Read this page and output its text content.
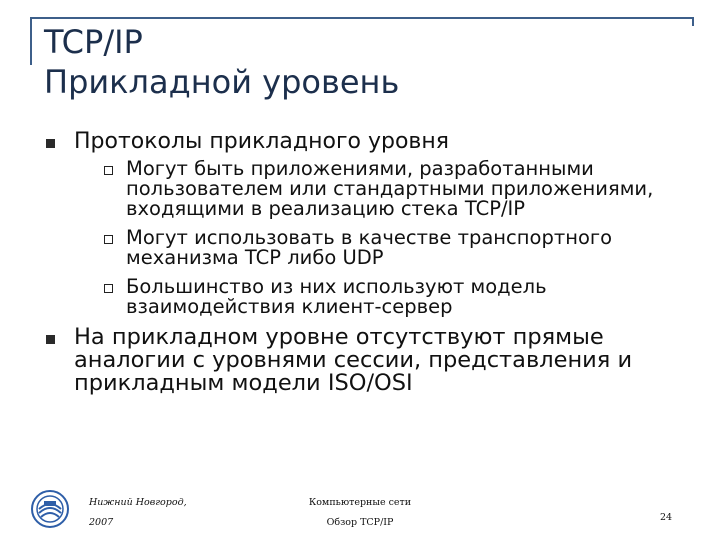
TCP/IP
Прикладной уровень
Протоколы прикладного уровня
Могут быть приложениями, разработанными пользователем или стандартными приложениями, входящими в реализацию стека TCP/IP
Могут использовать в качестве транспортного механизма TCP либо UDP
Большинство из них используют модель взаимодействия клиент-сервер
На прикладном уровне отсутствуют прямые аналогии с уровнями сессии, представления и прикладным модели ISO/OSI
Нижний Новгород,
2007
Компьютерные сети
Обзор TCP/IP	24
